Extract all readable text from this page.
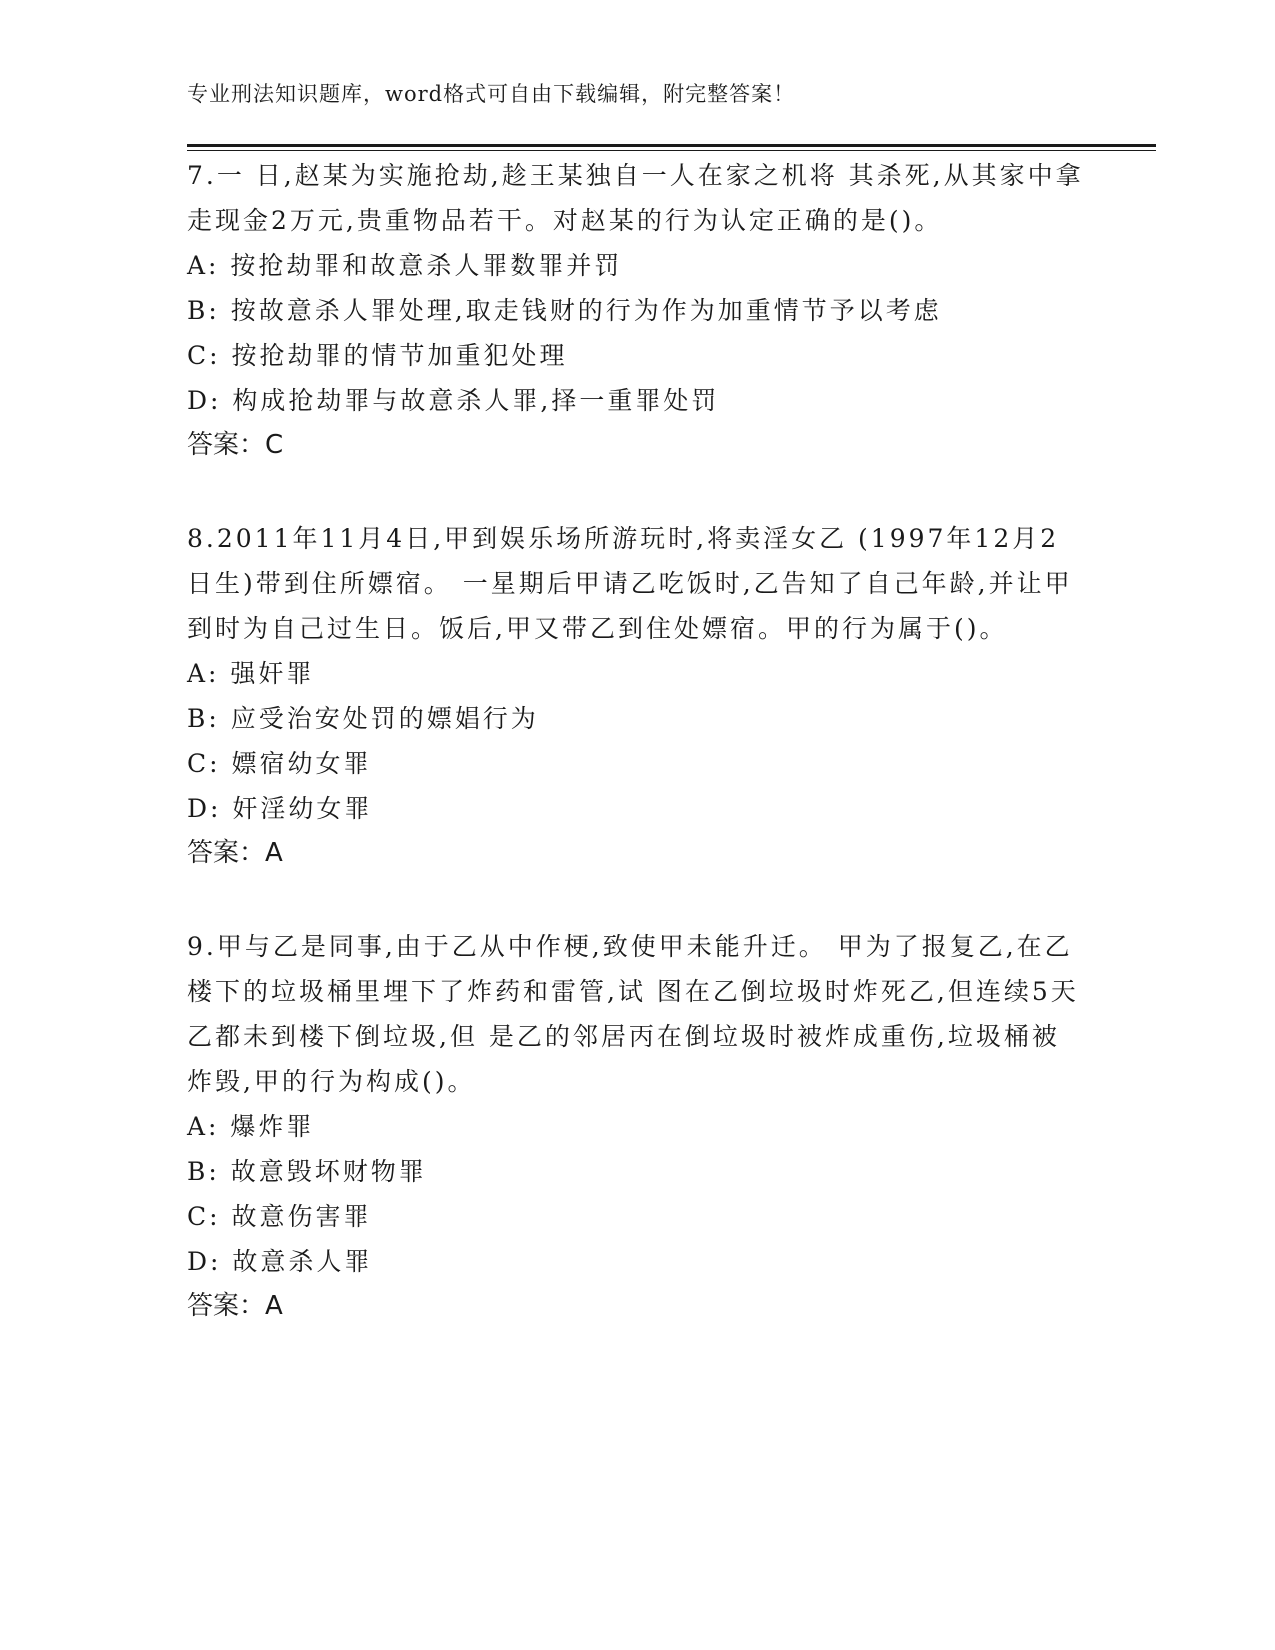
专业刑法知识题库，word格式可自由下载编辑，附完整答案！

7.一 日,赵某为实施抢劫,趁王某独自一人在家之机将 其杀死,从其家中拿走现金2万元,贵重物品若干。对赵某的行为认定正确的是()。

A: 按抢劫罪和故意杀人罪数罪并罚

B: 按故意杀人罪处理,取走钱财的行为作为加重情节予以考虑

C: 按抢劫罪的情节加重犯处理

D: 构成抢劫罪与故意杀人罪,择一重罪处罚

答案：C

8.2011年11月4日,甲到娱乐场所游玩时,将卖淫女乙 (1997年12月2日生)带到住所嫖宿。 一星期后甲请乙吃饭时,乙告知了自己年龄,并让甲到时为自己过生日。饭后,甲又带乙到住处嫖宿。甲的行为属于()。

A: 强奸罪

B: 应受治安处罚的嫖娼行为

C: 嫖宿幼女罪

D: 奸淫幼女罪

答案：A

9.甲与乙是同事,由于乙从中作梗,致使甲未能升迁。 甲为了报复乙,在乙楼下的垃圾桶里埋下了炸药和雷管,试 图在乙倒垃圾时炸死乙,但连续5天乙都未到楼下倒垃圾,但 是乙的邻居丙在倒垃圾时被炸成重伤,垃圾桶被炸毁,甲的行为构成()。

A: 爆炸罪

B: 故意毁坏财物罪

C: 故意伤害罪

D: 故意杀人罪

答案：A
